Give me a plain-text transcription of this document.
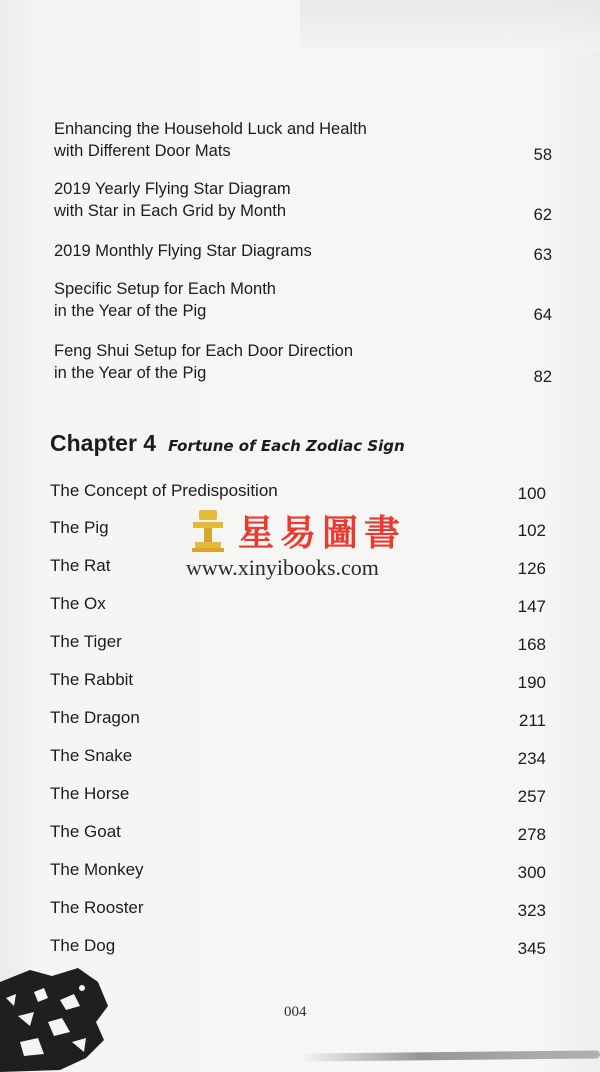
Enhancing the Household Luck and Health
with Different Door Mats	58
2019 Yearly Flying Star Diagram
with Star in Each Grid by Month	62
2019 Monthly Flying Star Diagrams	63
Specific Setup for Each Month
in the Year of the Pig	64
Feng Shui Setup for Each Door Direction
in the Year of the Pig	82
Chapter 4 Fortune of Each Zodiac Sign
The Concept of Predisposition	100
The Pig	102
The Rat	126
The Ox	147
The Tiger	168
The Rabbit	190
The Dragon	211
The Snake	234
The Horse	257
The Goat	278
The Monkey	300
The Rooster	323
The Dog	345
星易圖書
www.xinyibooks.com
004
